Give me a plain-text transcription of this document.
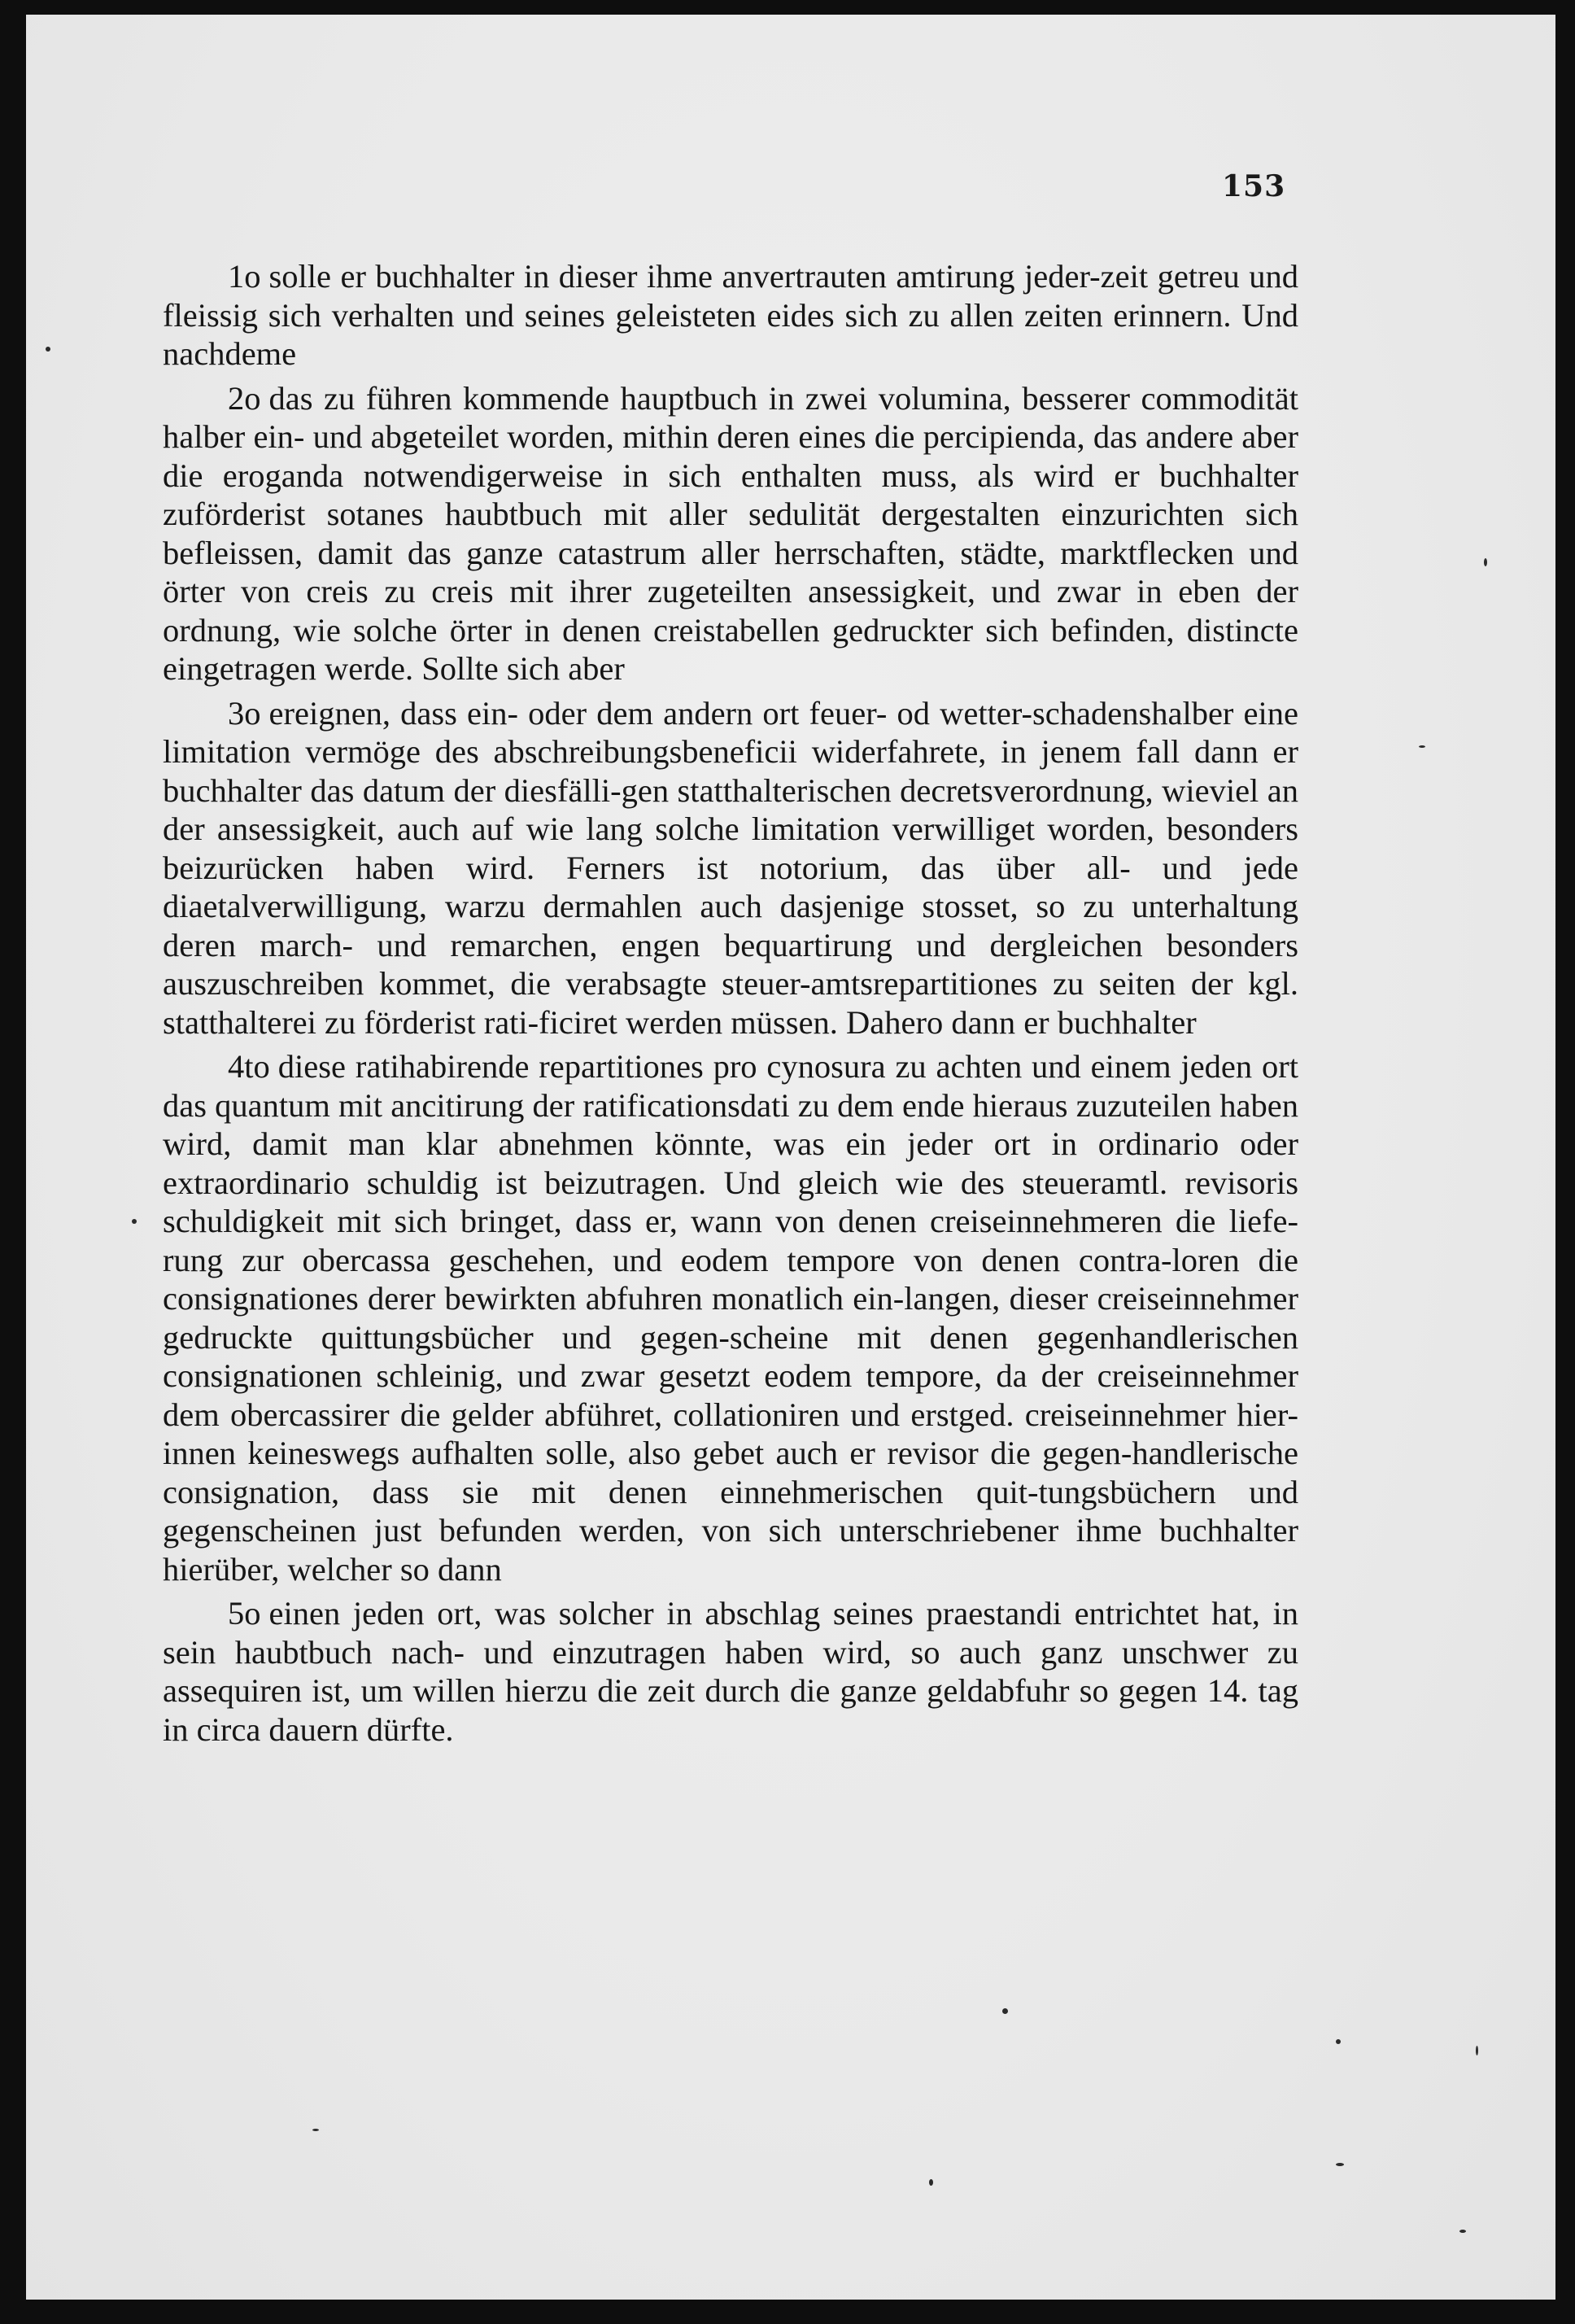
153

1o solle er buchhalter in dieser ihme anvertrauten amtirung jeder-zeit getreu und fleissig sich verhalten und seines geleisteten eides sich zu allen zeiten erinnern. Und nachdeme

2o das zu führen kommende hauptbuch in zwei volumina, besserer commodität halber ein- und abgeteilet worden, mithin deren eines die percipienda, das andere aber die eroganda notwendigerweise in sich enthalten muss, als wird er buchhalter zuförderist sotanes haubtbuch mit aller sedulität dergestalten einzurichten sich befleissen, damit das ganze catastrum aller herrschaften, städte, marktflecken und örter von creis zu creis mit ihrer zugeteilten ansessigkeit, und zwar in eben der ordnung, wie solche örter in denen creistabellen gedruckter sich befinden, distincte eingetragen werde. Sollte sich aber

3o ereignen, dass ein- oder dem andern ort feuer- od wetter-schadenshalber eine limitation vermöge des abschreibungsbeneficii widerfahrete, in jenem fall dann er buchhalter das datum der diesfälli-gen statthalterischen decretsverordnung, wieviel an der ansessigkeit, auch auf wie lang solche limitation verwilliget worden, besonders beizurücken haben wird. Ferners ist notorium, das über all- und jede diaetalverwilligung, warzu dermahlen auch dasjenige stosset, so zu unterhaltung deren march- und remarchen, engen bequartirung und dergleichen besonders auszuschreiben kommet, die verabsagte steuer-amtsrepartitiones zu seiten der kgl. statthalterei zu förderist rati-ficiret werden müssen. Dahero dann er buchhalter

4to diese ratihabirende repartitiones pro cynosura zu achten und einem jeden ort das quantum mit ancitirung der ratificationsdati zu dem ende hieraus zuzuteilen haben wird, damit man klar abnehmen könnte, was ein jeder ort in ordinario oder extraordinario schuldig ist beizutragen. Und gleich wie des steueramtl. revisoris schuldigkeit mit sich bringet, dass er, wann von denen creiseinnehmeren die liefe-rung zur obercassa geschehen, und eodem tempore von denen contra-loren die consignationes derer bewirkten abfuhren monatlich ein-langen, dieser creiseinnehmer gedruckte quittungsbücher und gegen-scheine mit denen gegenhandlerischen consignationen schleinig, und zwar gesetzt eodem tempore, da der creiseinnehmer dem obercassirer die gelder abführet, collationiren und erstged. creiseinnehmer hier-innen keineswegs aufhalten solle, also gebet auch er revisor die gegen-handlerische consignation, dass sie mit denen einnehmerischen quit-tungsbüchern und gegenscheinen just befunden werden, von sich unterschriebener ihme buchhalter hierüber, welcher so dann

5o einen jeden ort, was solcher in abschlag seines praestandi entrichtet hat, in sein haubtbuch nach- und einzutragen haben wird, so auch ganz unschwer zu assequiren ist, um willen hierzu die zeit durch die ganze geldabfuhr so gegen 14. tag in circa dauern dürfte.
